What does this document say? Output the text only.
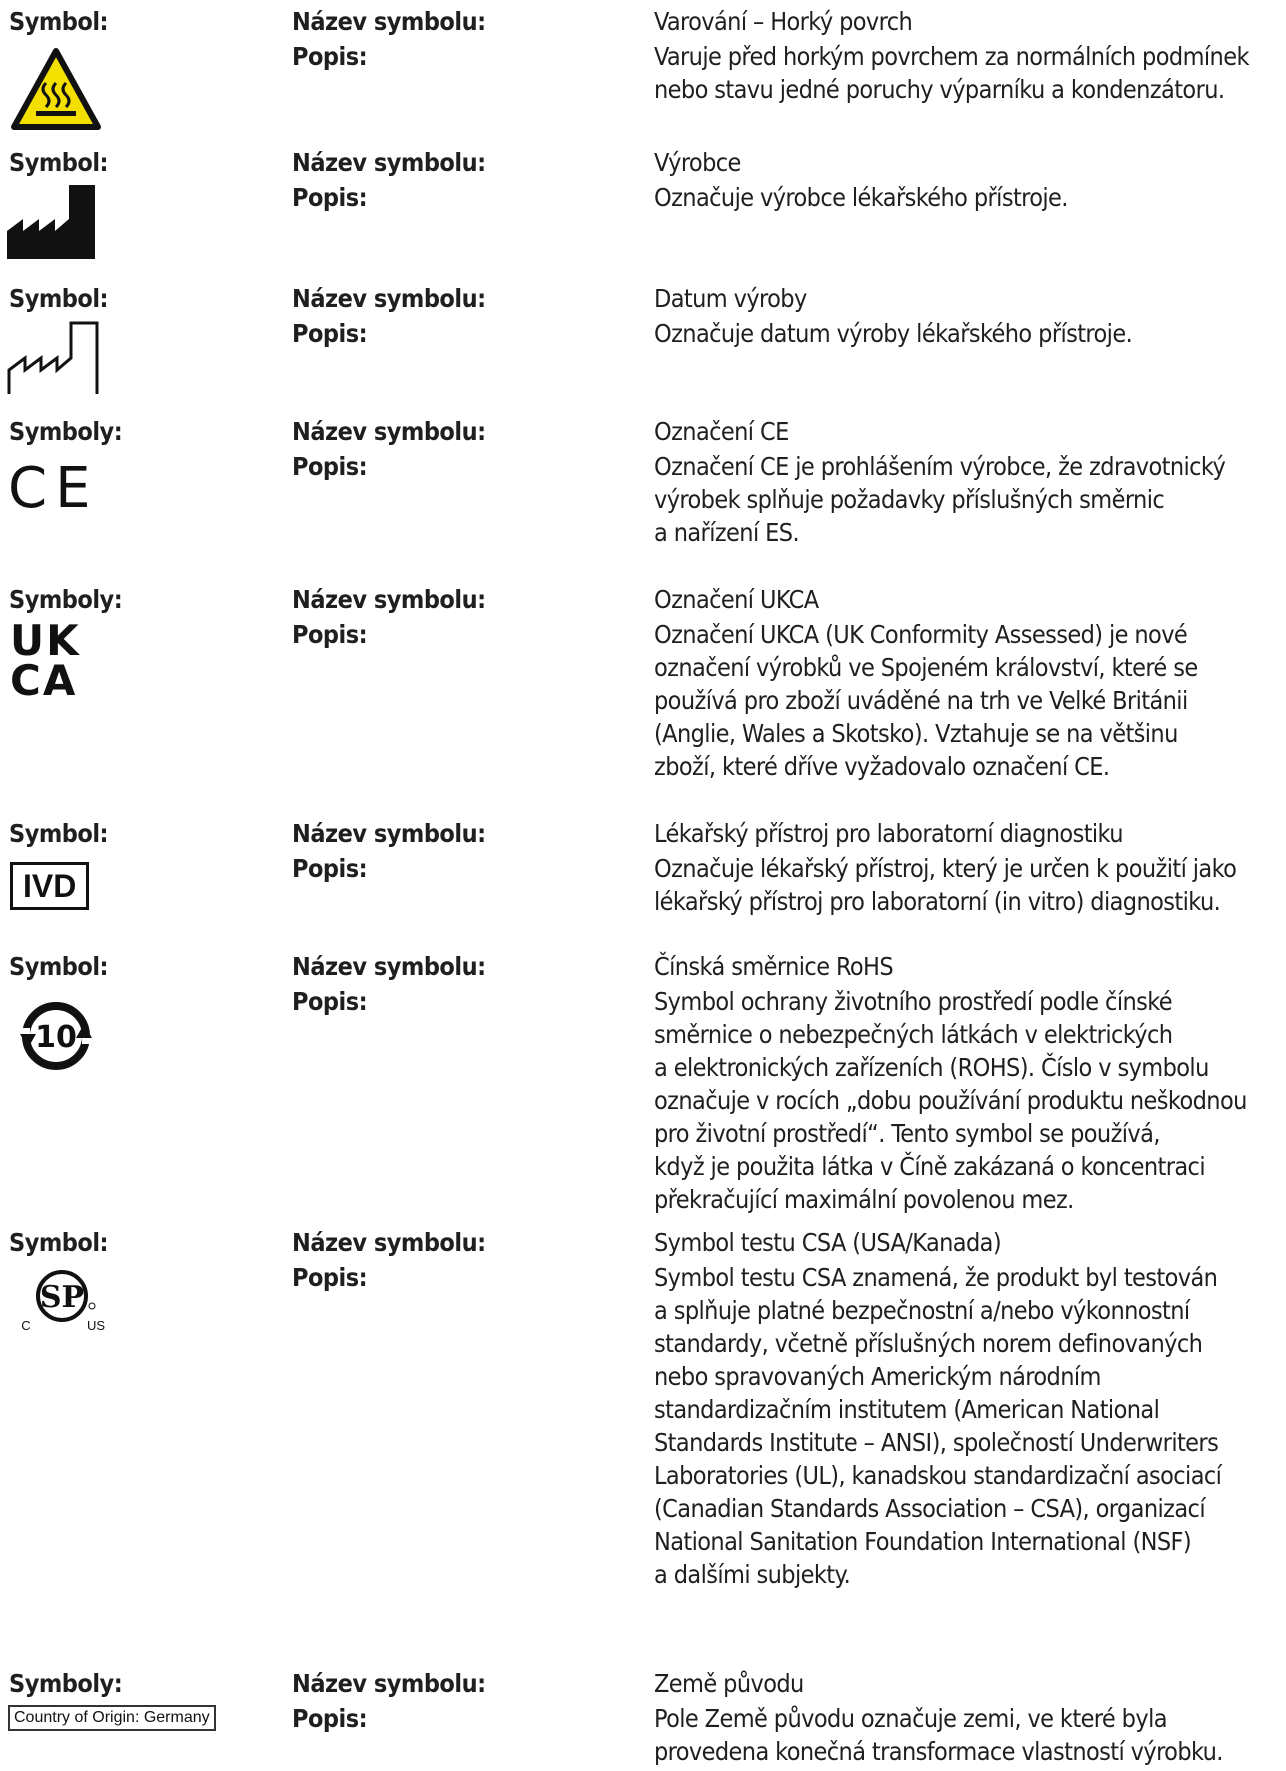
Symbol:	Název symbolu:	Varování – Horký povrch
Popis:	Varuje před horkým povrchem za normálních podmínek
nebo stavu jedné poruchy výparníku a kondenzátoru.
Symbol:	Název symbolu:	Výrobce
Popis:	Označuje výrobce lékařského přístroje.
Symbol:	Název symbolu:	Datum výroby
Popis:	Označuje datum výroby lékařského přístroje.
Symboly:	Název symbolu:	Označení CE
Popis:	Označení CE je prohlášením výrobce, že zdravotnický
výrobek splňuje požadavky příslušných směrnic
a nařízení ES.
CE
Symboly:	Název symbolu:	Označení UKCA
Popis:	Označení UKCA (UK Conformity Assessed) je nové
označení výrobků ve Spojeném království, které se
používá pro zboží uváděné na trh ve Velké Británii
(Anglie, Wales a Skotsko). Vztahuje se na většinu
zboží, které dříve vyžadovalo označení CE.
UK
CA
Symbol:	Název symbolu:	Lékařský přístroj pro laboratorní diagnostiku
Popis:	Označuje lékařský přístroj, který je určen k použití jako
lékařský přístroj pro laboratorní (in vitro) diagnostiku.
IVD
Symbol:	Název symbolu:	Čínská směrnice RoHS
Popis:	Symbol ochrany životního prostředí podle čínské
směrnice o nebezpečných látkách v elektrických
a elektronických zařízeních (ROHS). Číslo v symbolu
označuje v rocích „dobu používání produktu neškodnou
pro životní prostředí“. Tento symbol se používá,
když je použita látka v Číně zakázaná o koncentraci
překračující maximální povolenou mez.
10
Symbol:	Název symbolu:	Symbol testu CSA (USA/Kanada)
Popis:	Symbol testu CSA znamená, že produkt byl testován
a splňuje platné bezpečnostní a/nebo výkonnostní
standardy, včetně příslušných norem definovaných
nebo spravovaných Americkým národním
standardizačním institutem (American National
Standards Institute – ANSI), společností Underwriters
Laboratories (UL), kanadskou standardizační asociací
(Canadian Standards Association – CSA), organizací
National Sanitation Foundation International (NSF)
a dalšími subjekty.
SP
C	US
Symboly:	Název symbolu:	Země původu
Popis:	Pole Země původu označuje zemi, ve které byla
provedena konečná transformace vlastností výrobku.
Country of Origin: Germany
